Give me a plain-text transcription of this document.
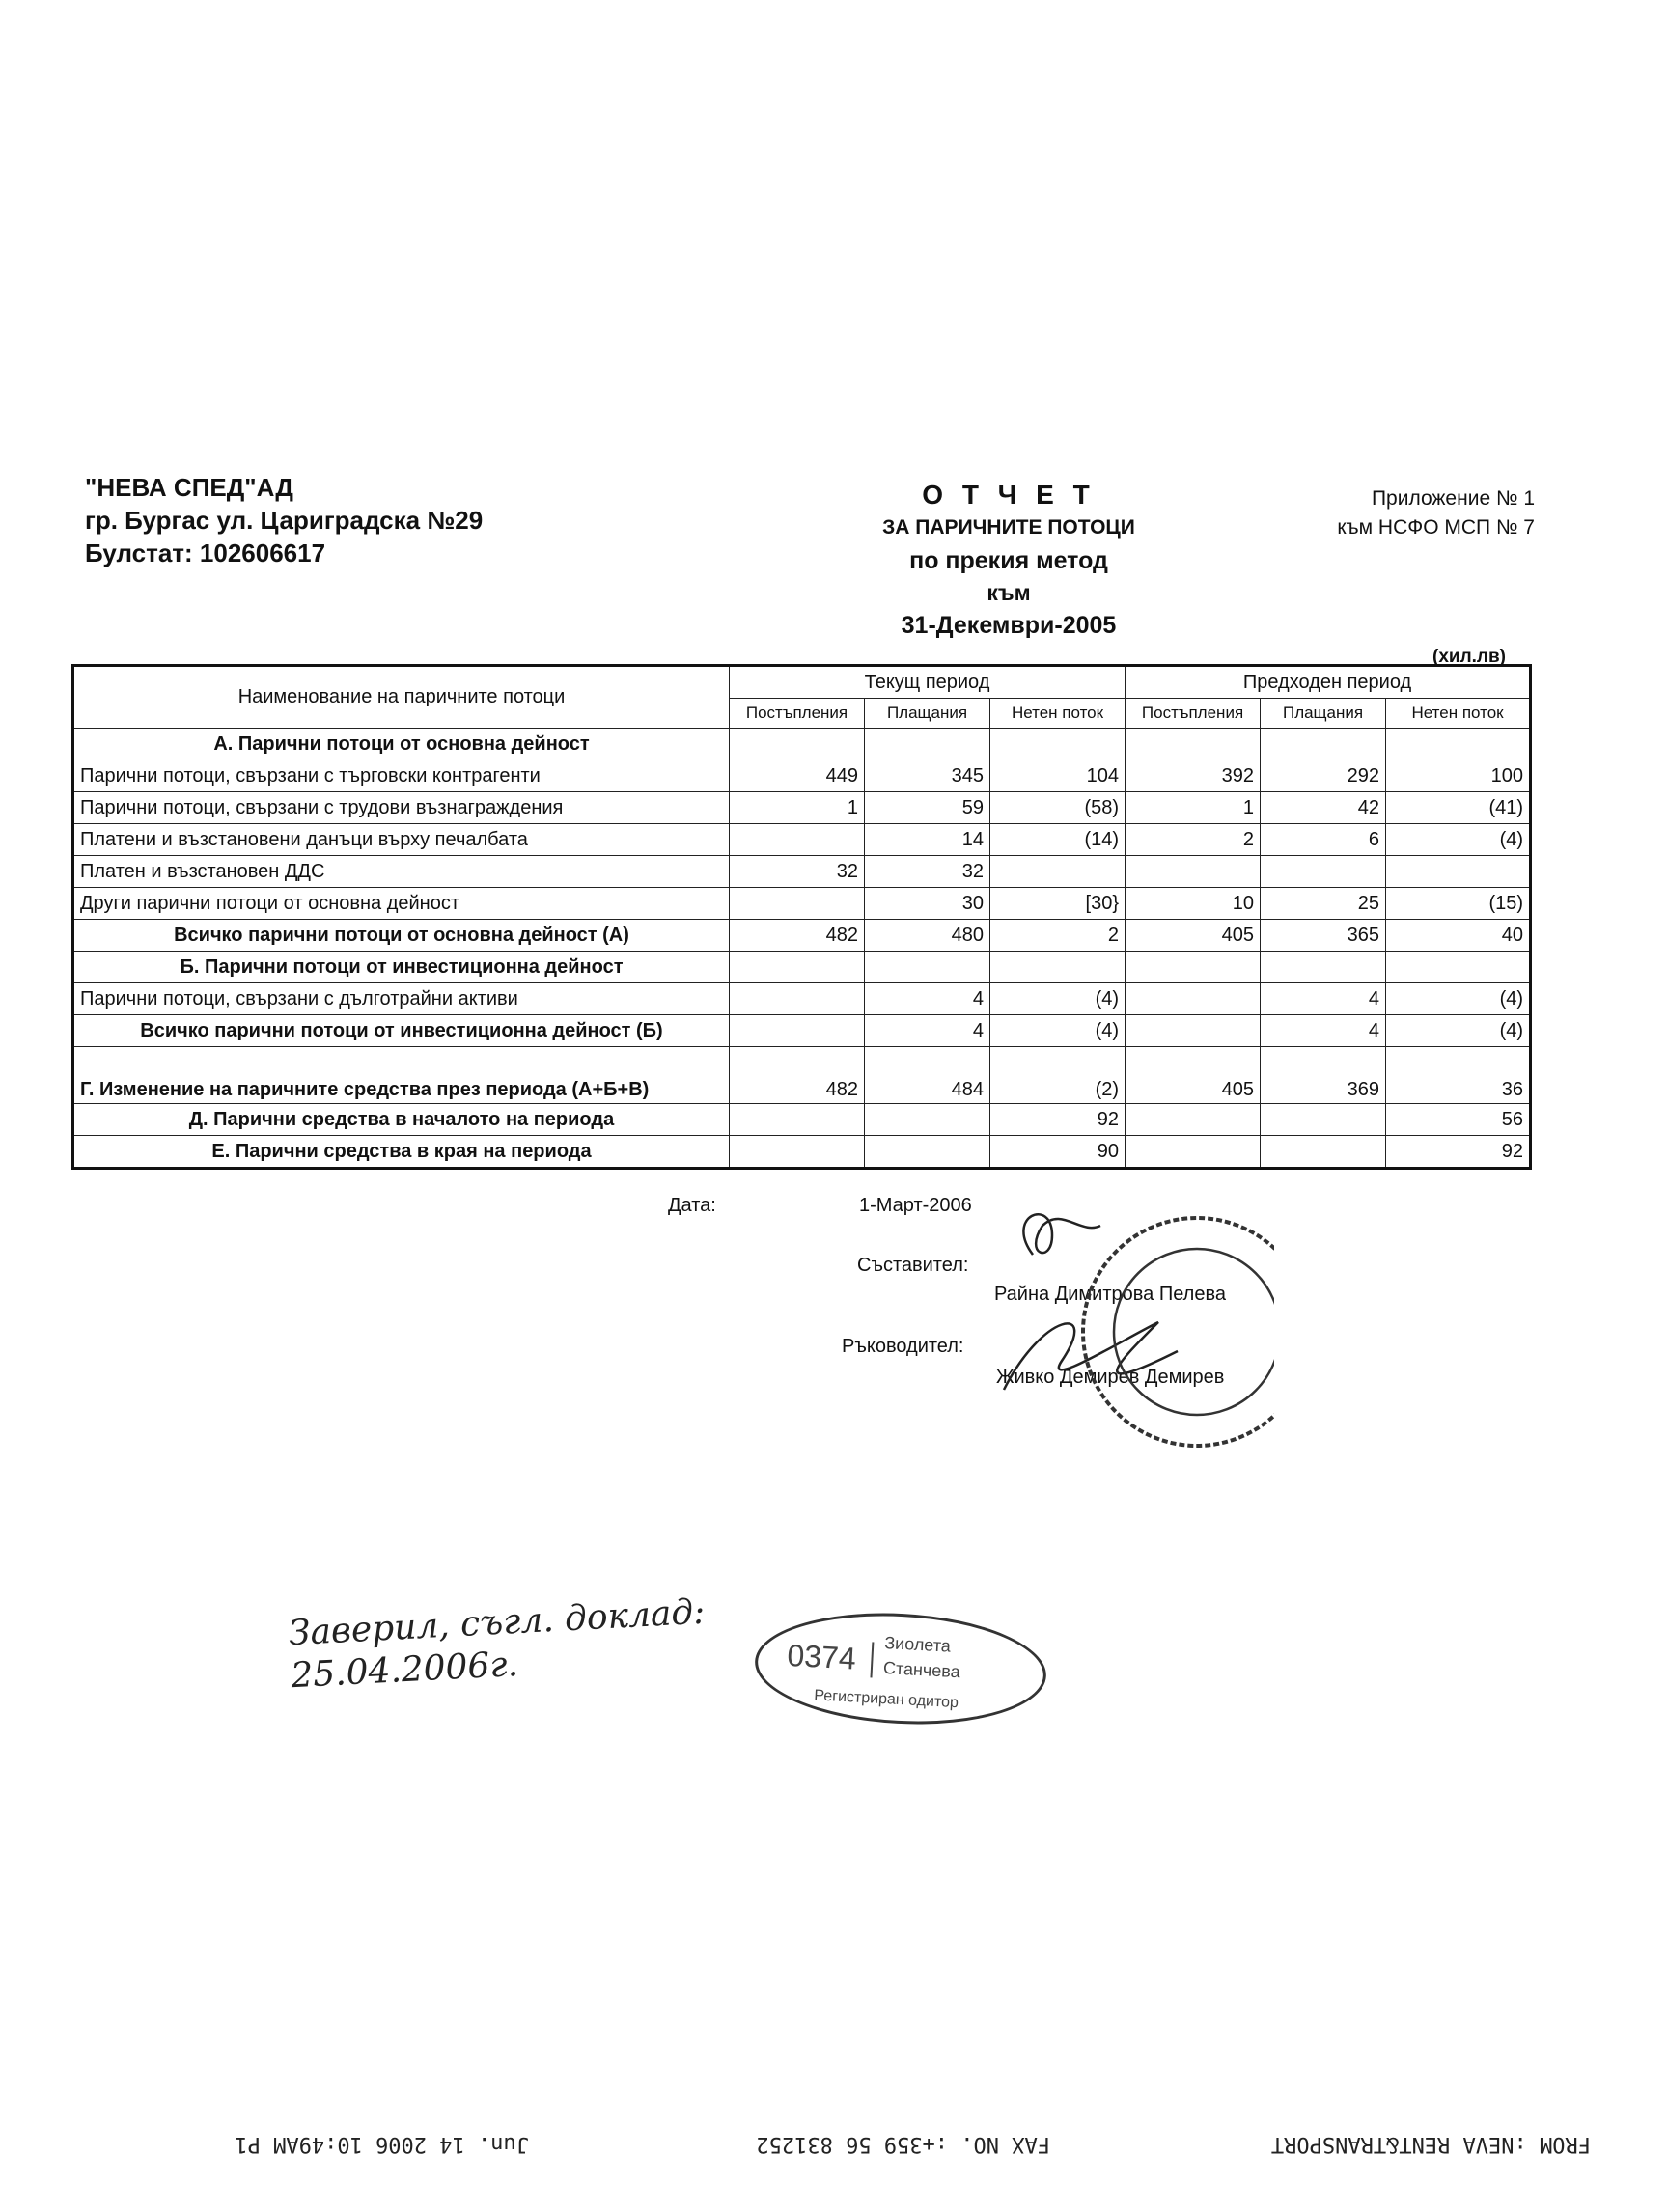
"НЕВА СПЕД"АД
гр. Бургас ул. Цариградска №29
Булстат: 102606617
О Т Ч Е Т
ЗА ПАРИЧНИТЕ ПОТОЦИ
по прекия метод
към
31-Декември-2005
Приложение № 1
към НСФО МСП № 7
(хил.лв)
Наименование на паричните потоци	Текущ период			Предходен период		
	Постъпления	Плащания	Нетен поток	Постъпления	Плащания	Нетен поток
А. Парични потоци от основна дейност						
Парични потоци, свързани с търговски контрагенти	449	345	104	392	292	100
Парични потоци, свързани с трудови възнаграждения	1	59	(58)	1	42	(41)
Платени и възстановени данъци върху печалбата		14	(14)	2	6	(4)
Платен и възстановен ДДС	32	32				
Други парични потоци от основна дейност		30	[30}	10	25	(15)
Всичко парични потоци от основна дейност (А)	482	480	2	405	365	40
Б. Парични потоци от инвестиционна дейност						
Парични потоци, свързани с дълготрайни активи		4	(4)		4	(4)
Всичко парични потоци от инвестиционна дейност (Б)		4	(4)		4	(4)
Г. Изменение на паричните средства през периода (А+Б+В)	482	484	(2)	405	369	36
Д. Парични средства в началото на периода			92			56
Е. Парични средства в края на периода			90			92
Дата:	1-Март-2006
Съставител:
Райна Димитрова Пелева
Ръководител:
Живко Демирев Демирев
Заверил, съгл. доклад:
25.04.2006г.	0374	Зиолета
Станчева
Регистриран одитор
FROM :NEVA RENT&TRANSPORT
FAX NO. :+359 56 831252
Jun. 14 2006 10:49AM P1
